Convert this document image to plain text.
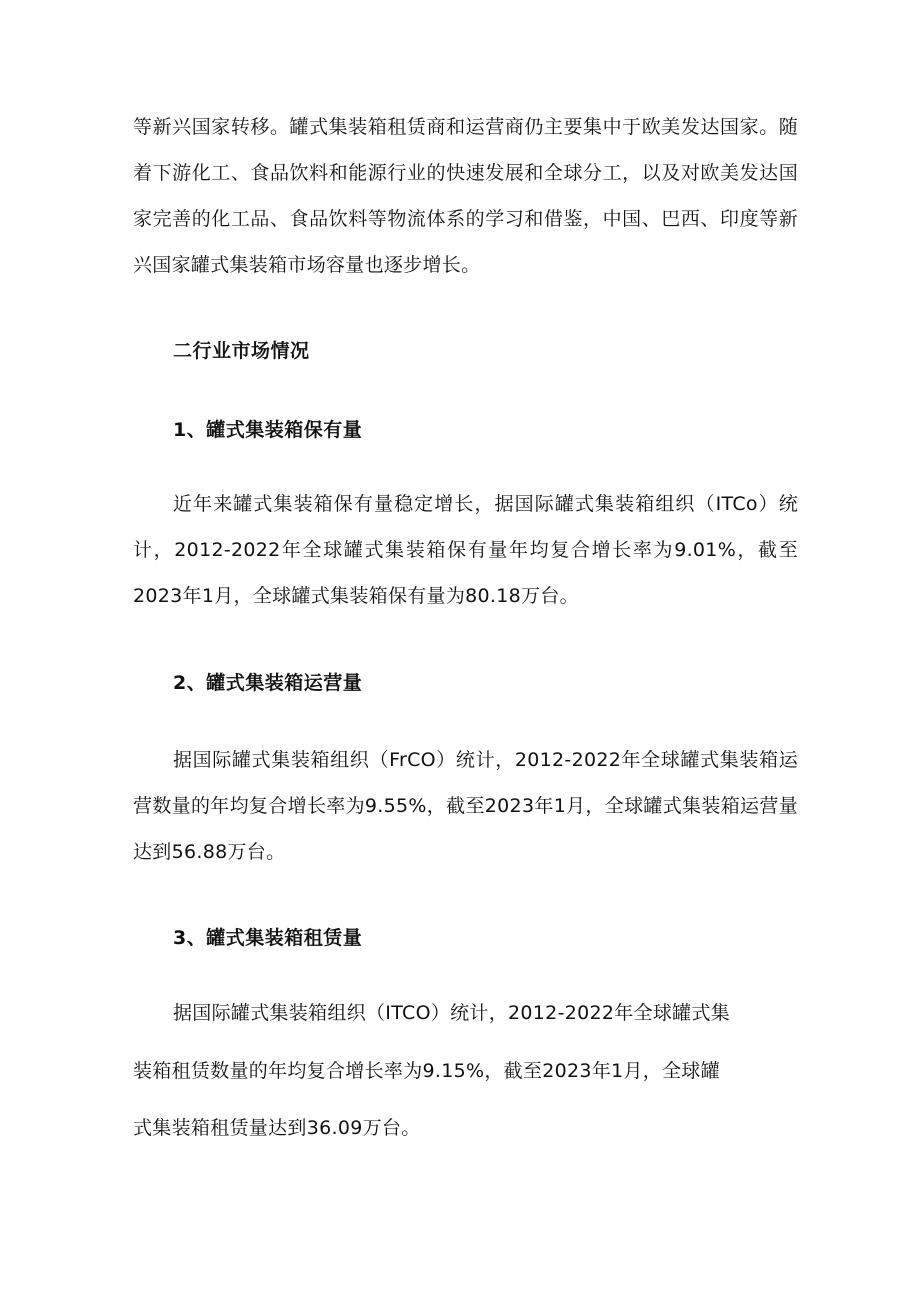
等新兴国家转移。罐式集装箱租赁商和运营商仍主要集中于欧美发达国家。随着下游化工、食品饮料和能源行业的快速发展和全球分工，以及对欧美发达国家完善的化工品、食品饮料等物流体系的学习和借鉴，中国、巴西、印度等新兴国家罐式集装箱市场容量也逐步增长。

二行业市场情况
1、罐式集装箱保有量

近年来罐式集装箱保有量稳定增长，据国际罐式集装箱组织（ITCo）统计，2012-2022年全球罐式集装箱保有量年均复合增长率为9.01%，截至2023年1月，全球罐式集装箱保有量为80.18万台。

2、罐式集装箱运营量

据国际罐式集装箱组织（FrCO）统计，2012-2022年全球罐式集装箱运营数量的年均复合增长率为9.55%，截至2023年1月，全球罐式集装箱运营量达到56.88万台。

3、罐式集装箱租赁量

据国际罐式集装箱组织（ITCO）统计，2012-2022年全球罐式集

装箱租赁数量的年均复合增长率为9.15%，截至2023年1月，全球罐

式集装箱租赁量达到36.09万台。
